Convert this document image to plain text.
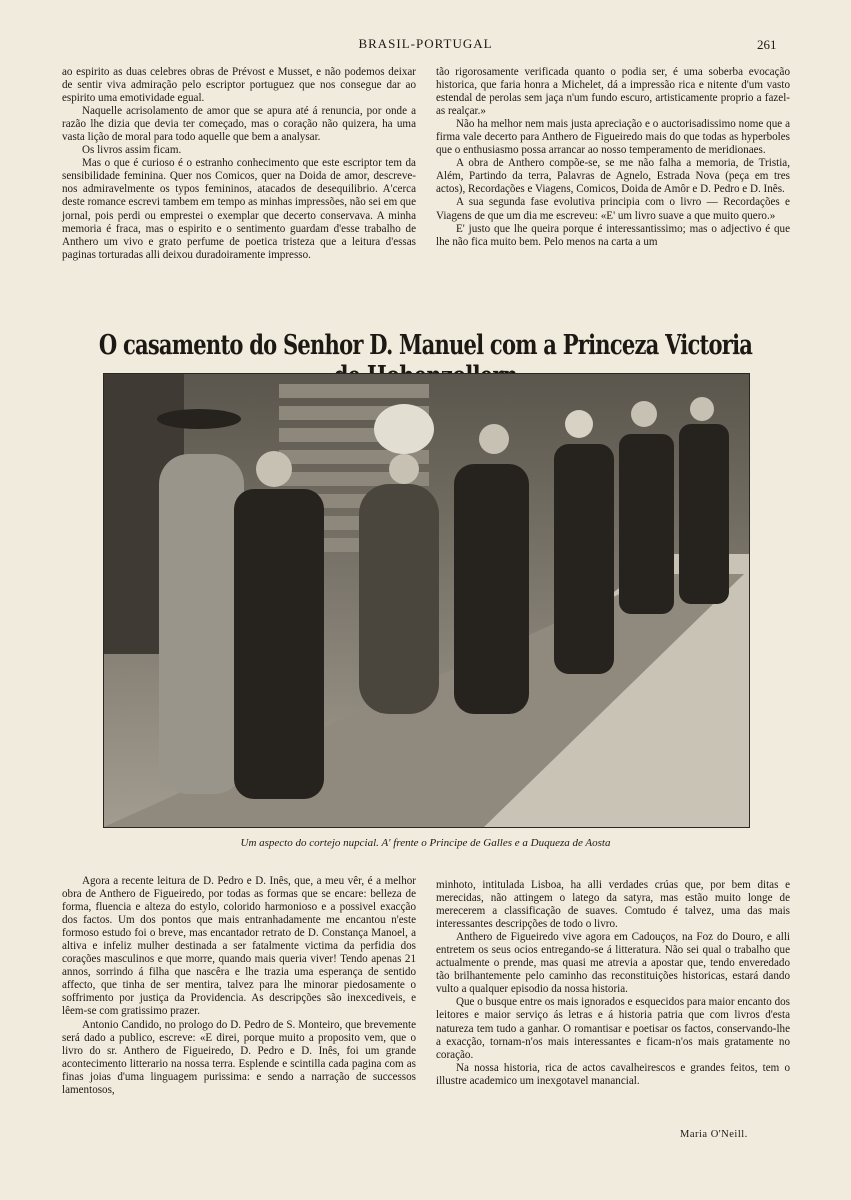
BRASIL-PORTUGAL	261

ao espirito as duas celebres obras de Prévost e Musset, e não podemos deixar de sentir viva admiração pelo escriptor portuguez que nos consegue dar ao espirito uma emotividade egual.

Naquelle acrisolamento de amor que se apura até á renuncia, por onde a razão lhe dizia que devia ter começado, mas o coração não quizera, ha uma vasta lição de moral para todo aquelle que bem a analysar.

Os livros assim ficam.

Mas o que é curioso é o estranho conhecimento que este escriptor tem da sensibilidade feminina. Quer nos Comicos, quer na Doida de amor, descreve-nos admiravelmente os typos femininos, atacados de desequilibrio. A'cerca deste romance escrevi tambem em tempo as minhas impressões, não sei em que jornal, pois perdi ou emprestei o exemplar que decerto conservava. A minha memoria é fraca, mas o espirito e o sentimento guardam d'esse trabalho de Anthero um vivo e grato perfume de poetica tristeza que a leitura d'essas paginas torturadas alli deixou duradoiramente impresso.

tão rigorosamente verificada quanto o podia ser, é uma soberba evocação historica, que faria honra a Michelet, dá a impressão rica e nitente d'um vasto estendal de perolas sem jaça n'um fundo escuro, artisticamente proprio a fazel-as realçar.»

Não ha melhor nem mais justa apreciação e o auctorisadissimo nome que a firma vale decerto para Anthero de Figueiredo mais do que todas as hyperboles que o enthusiasmo possa arrancar ao nosso temperamento de meridionaes.

A obra de Anthero compõe-se, se me não falha a memoria, de Tristia, Além, Partindo da terra, Palavras de Agnelo, Estrada Nova (peça em tres actos), Recordações e Viagens, Comicos, Doida de Amôr e D. Pedro e D. Inês.

A sua segunda fase evolutiva principia com o livro — Recordações e Viagens de que um dia me escreveu: «E' um livro suave a que muito quero.»

E' justo que lhe queira porque é interessantissimo; mas o adjectivo é que lhe não fica muito bem. Pelo menos na carta a um

O casamento do Senhor D. Manuel com a Princeza Victoria
Um aspecto do cortejo nupcial. A' frente o Principe de Galles e a Duqueza de Aosta

Agora a recente leitura de D. Pedro e D. Inês, que, a meu vêr, é a melhor obra de Anthero de Figueiredo, por todas as formas que se encare: belleza de forma, fluencia e alteza do estylo, colorido harmonioso e a possivel exacção dos factos. Um dos pontos que mais entranhadamente me encantou n'este formoso estudo foi o breve, mas encantador retrato de D. Constança Manoel, a altiva e infeliz mulher destinada a ser fatalmente victima da perfidia dos corações masculinos e que morre, quando mais queria viver! Tendo apenas 21 annos, sorrindo á filha que nascêra e lhe trazia uma esperança de sentido affecto, que tinha de ser mentira, talvez para lhe minorar piedosamente o soffrimento por justiça da Providencia. As descripções são inexcediveis, e lêem-se com gratissimo prazer.

Antonio Candido, no prologo do D. Pedro de S. Monteiro, que brevemente será dado a publico, escreve: «E direi, porque muito a proposito vem, que o livro do sr. Anthero de Figueiredo, D. Pedro e D. Inês, foi um grande acontecimento litterario na nossa terra. Esplende e scintilla cada pagina com as finas joias d'uma linguagem purissima: e sendo a narração de successos lamentosos,

minhoto, intitulada Lisboa, ha alli verdades crúas que, por bem ditas e merecidas, não attingem o latego da satyra, mas estão muito longe de merecerem a classificação de suaves. Comtudo é talvez, uma das mais interessantes descripções de todo o livro.

Anthero de Figueiredo vive agora em Cadouços, na Foz do Douro, e alli entretem os seus ocios entregando-se á litteratura. Não sei qual o trabalho que actualmente o prende, mas quasi me atrevia a apostar que, tendo enveredado tão brilhantemente pelo caminho das reconstituições historicas, estará dando vulto a qualquer episodio da nossa historia.

Que o busque entre os mais ignorados e esquecidos para maior encanto dos leitores e maior serviço ás letras e á historia patria que com livros d'esta natureza tem tudo a ganhar. O romantisar e poetisar os factos, conservando-lhe a exacção, tornam-n'os mais interessantes e ficam-n'os mais gratamente no coração.

Na nossa historia, rica de actos cavalheirescos e grandes feitos, tem o illustre academico um inexgotavel manancial.

Maria O'Neill.
